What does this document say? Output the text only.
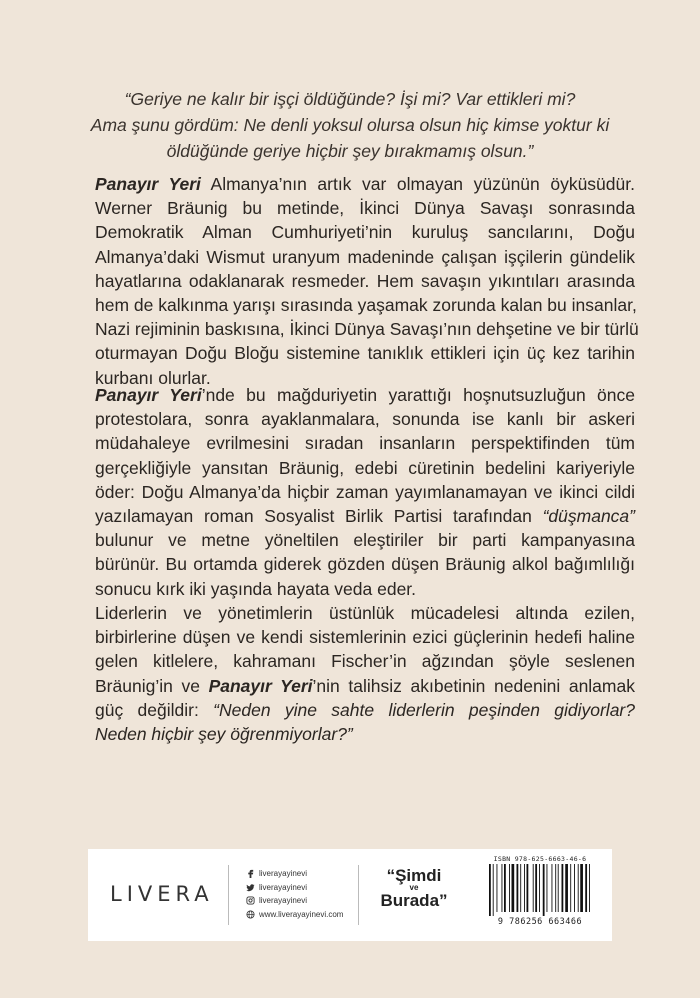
“Geriye ne kalır bir işçi öldüğünde? İşi mi? Var ettikleri mi?
Ama şunu gördüm: Ne denli yoksul olursa olsun hiç kimse yoktur ki
öldüğünde geriye hiçbir şey bırakmamış olsun.”
Panayır Yeri Almanya’nın artık var olmayan yüzünün öyküsüdür.
Werner Bräunig bu metinde, İkinci Dünya Savaşı sonrasında
Demokratik Alman Cumhuriyeti’nin kuruluş sancılarını, Doğu
Almanya’daki Wismut uranyum madeninde çalışan işçilerin gündelik
hayatlarına odaklanarak resmeder. Hem savaşın yıkıntıları arasında
hem de kalkınma yarışı sırasında yaşamak zorunda kalan bu insanlar,
Nazi rejiminin baskısına, İkinci Dünya Savaşı’nın dehşetine ve bir türlü
oturmayan Doğu Bloğu sistemine tanıklık ettikleri için üç kez tarihin
kurbanı olurlar.
Panayır Yeri’nde bu mağduriyetin yarattığı hoşnutsuzluğun önce
protestolara, sonra ayaklanmalara, sonunda ise kanlı bir askeri
müdahaleye evrilmesini sıradan insanların perspektifinden tüm
gerçekliğiyle yansıtan Bräunig, edebi cüretinin bedelini kariyeriyle
öder: Doğu Almanya’da hiçbir zaman yayımlanamayan ve ikinci cildi
yazılamayan roman Sosyalist Birlik Partisi tarafından “düşmanca”
bulunur ve metne yöneltilen eleştiriler bir parti kampanyasına
bürünür. Bu ortamda giderek gözden düşen Bräunig alkol bağımlılığı
sonucu kırk iki yaşında hayata veda eder.
Liderlerin ve yönetimlerin üstünlük mücadelesi altında ezilen,
birbirlerine düşen ve kendi sistemlerinin ezici güçlerinin hedefi haline
gelen kitlelere, kahramanı Fischer’in ağzından şöyle seslenen
Bräunig’in ve Panayır Yeri’nin talihsiz akıbetinin nedenini anlamak
güç değildir: “Neden yine sahte liderlerin peşinden gidiyorlar?
Neden hiçbir şey öğrenmiyorlar?”
LIVERA
liverayayinevi
liverayayinevi
liverayayinevi
www.liverayayinevi.com
“Şimdi
ve
Burada”
ISBN 978-625-6663-46-6
9 786256 663466
